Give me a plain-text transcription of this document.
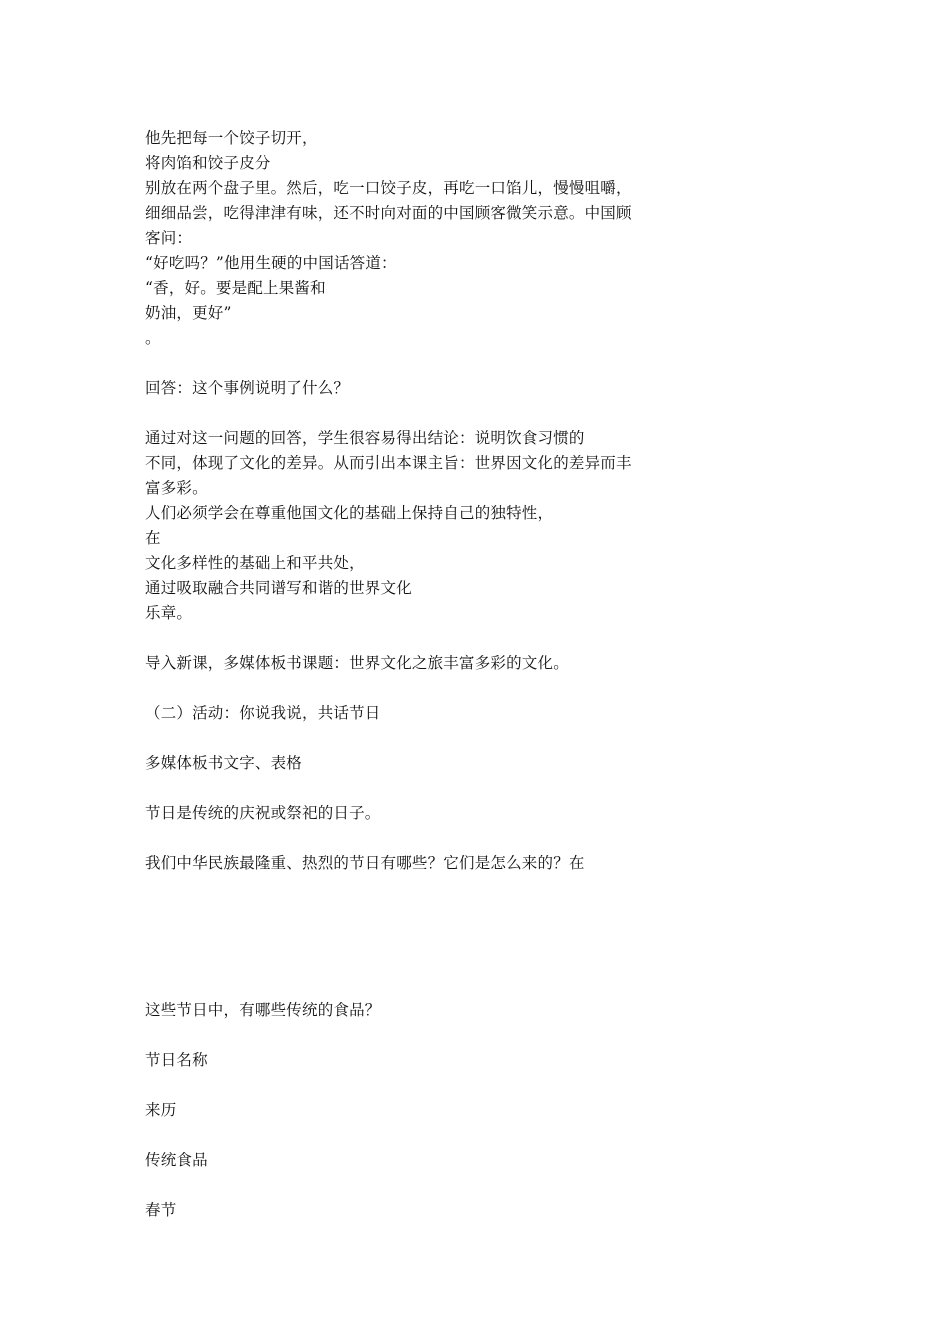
他先把每一个饺子切开，
将肉馅和饺子皮分
别放在两个盘子里。然后，吃一口饺子皮，再吃一口馅儿，慢慢咀嚼，
细细品尝，吃得津津有味，还不时向对面的中国顾客微笑示意。中国顾
客问：
“好吃吗？”他用生硬的中国话答道：
“香，好。要是配上果酱和
奶油，更好”
。
回答：这个事例说明了什么？
通过对这一问题的回答，学生很容易得出结论：说明饮食习惯的
不同，体现了文化的差异。从而引出本课主旨：世界因文化的差异而丰
富多彩。
人们必须学会在尊重他国文化的基础上保持自己的独特性，
在
文化多样性的基础上和平共处，
通过吸取融合共同谱写和谐的世界文化
乐章。
导入新课，多媒体板书课题：世界文化之旅丰富多彩的文化。
（二）活动：你说我说，共话节日
多媒体板书文字、表格
节日是传统的庆祝或祭祀的日子。
我们中华民族最隆重、热烈的节日有哪些？它们是怎么来的？在
这些节日中，有哪些传统的食品？
节日名称
来历
传统食品
春节
